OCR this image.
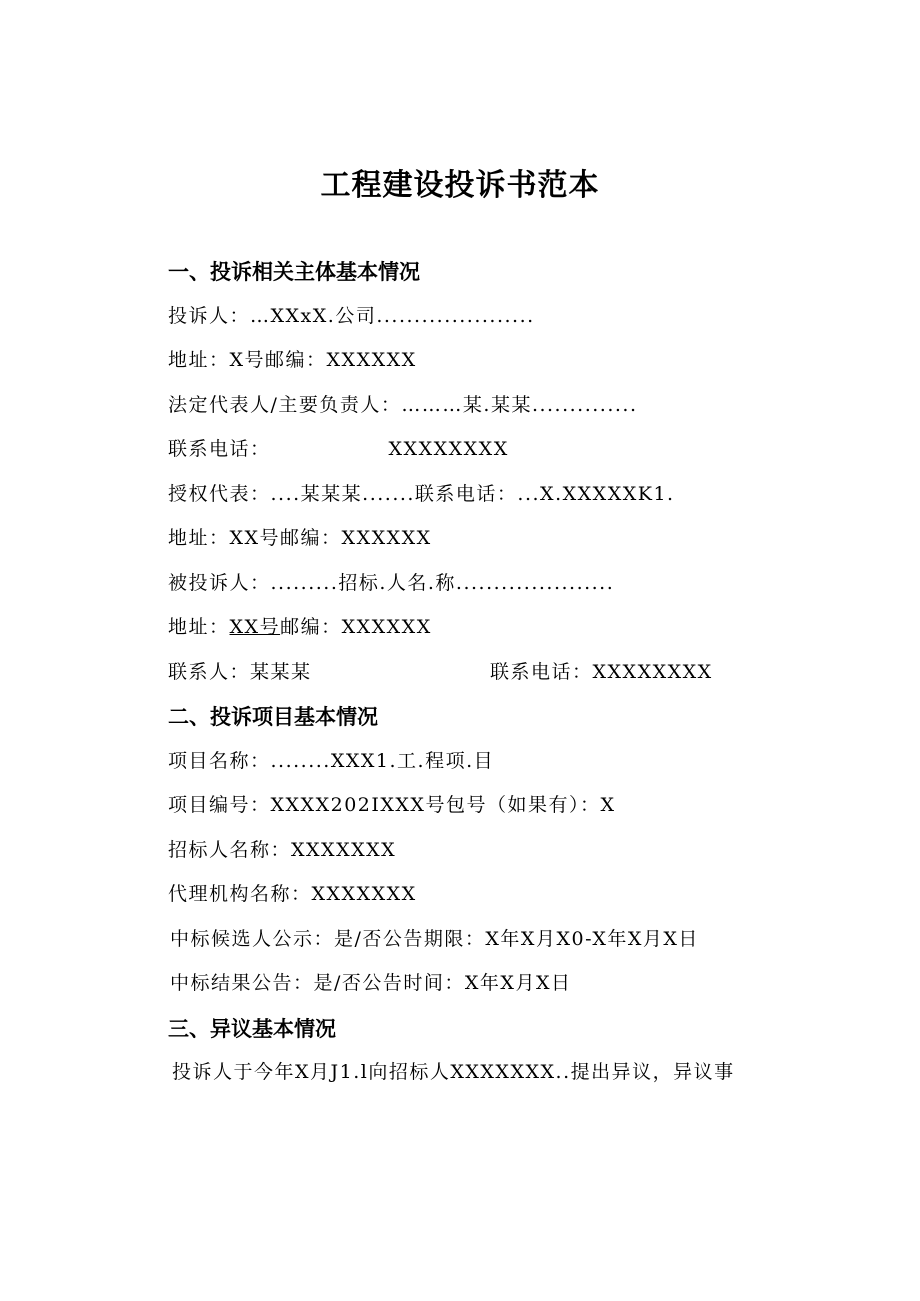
工程建设投诉书范本
一、投诉相关主体基本情况
投诉人：…XXxX.公司.....................
地址：X号邮编：XXXXXX
法定代表人/主要负责人：………某.某某..............
联系电话：	XXXXXXXX
授权代表：....某某某.......联系电话：...X.XXXXXK1.
地址：XX号邮编：XXXXXX
被投诉人：.........招标.人名.称.....................
地址：XX号邮编：XXXXXX
联系人：某某某	联系电话：XXXXXXXX
二、投诉项目基本情况
项目名称：........XXX1.工.程项.目
项目编号：XXXX202IXXX号包号（如果有）：X
招标人名称：XXXXXXX
代理机构名称：XXXXXXX
中标候选人公示：是/否公告期限：X年X月X0-X年X月X日
中标结果公告：是/否公告时间：X年X月X日
三、异议基本情况
投诉人于今年X月J1.l向招标人XXXXXXX..提出异议，异议事
